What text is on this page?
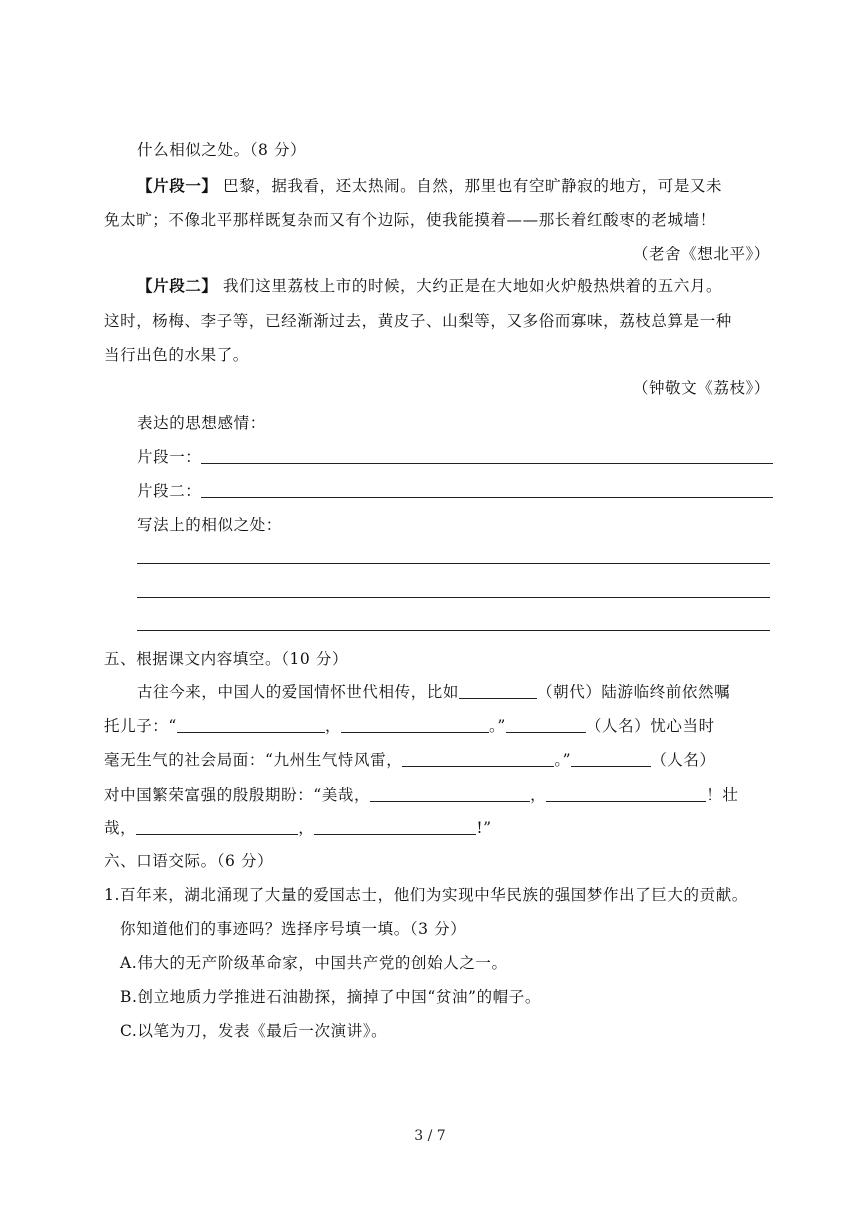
什么相似之处。（8 分）
【片段一】 巴黎，据我看，还太热闹。自然，那里也有空旷静寂的地方，可是又未
免太旷；不像北平那样既复杂而又有个边际，使我能摸着——那长着红酸枣的老城墙！
（老舍《想北平》）
【片段二】 我们这里荔枝上市的时候，大约正是在大地如火炉般热烘着的五六月。
这时，杨梅、李子等，已经渐渐过去，黄皮子、山梨等，又多俗而寡味，荔枝总算是一种
当行出色的水果了。
（钟敬文《荔枝》）
表达的思想感情：
片段一：
片段二：
写法上的相似之处：
五、根据课文内容填空。（10 分）
古往今来，中国人的爱国情怀世代相传，比如	（朝代）陆游临终前依然嘱
托儿子：“	，	。”	（人名）忧心当时
毫无生气的社会局面：“九州生气恃风雷，	。”	（人名）
对中国繁荣富强的殷殷期盼：“美哉，	，	！壮
哉，	，	!”
六、口语交际。（6 分）
1.百年来，湖北涌现了大量的爱国志士，他们为实现中华民族的强国梦作出了巨大的贡献。
你知道他们的事迹吗？选择序号填一填。（3 分）
A.伟大的无产阶级革命家，中国共产党的创始人之一。
B.创立地质力学推进石油勘探，摘掉了中国“贫油”的帽子。
C.以笔为刀，发表《最后一次演讲》。
3 / 7
